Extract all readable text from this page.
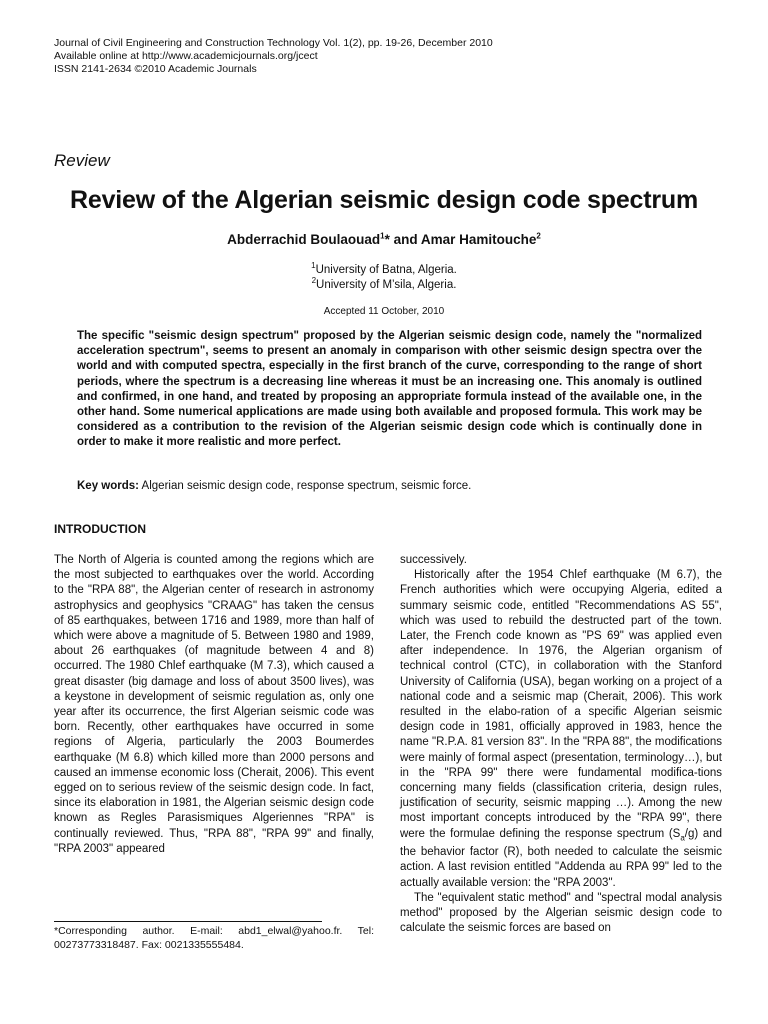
Journal of Civil Engineering and Construction Technology Vol. 1(2), pp. 19-26, December 2010
Available online at http://www.academicjournals.org/jcect
ISSN 2141-2634 ©2010 Academic Journals
Review
Review of the Algerian seismic design code spectrum
Abderrachid Boulaouad$^1$* and Amar Hamitouche$^2$
$^1$University of Batna, Algeria.
$^2$University of M’sila, Algeria.
Accepted 11 October, 2010
The specific "seismic design spectrum" proposed by the Algerian seismic design code, namely the "normalized acceleration spectrum", seems to present an anomaly in comparison with other seismic design spectra over the world and with computed spectra, especially in the first branch of the curve, corresponding to the range of short periods, where the spectrum is a decreasing line whereas it must be an increasing one. This anomaly is outlined and confirmed, in one hand, and treated by proposing an appropriate formula instead of the available one, in the other hand. Some numerical applications are made using both available and proposed formula. This work may be considered as a contribution to the revision of the Algerian seismic design code which is continually done in order to make it more realistic and more perfect.
Key words: Algerian seismic design code, response spectrum, seismic force.
INTRODUCTION

The North of Algeria is counted among the regions which are the most subjected to earthquakes over the world. According to the "RPA 88", the Algerian center of research in astronomy astrophysics and geophysics "CRAAG" has taken the census of 85 earthquakes, between 1716 and 1989, more than half of which were above a magnitude of 5. Between 1980 and 1989, about 26 earthquakes (of magnitude between 4 and 8) occurred. The 1980 Chlef earthquake (M 7.3), which caused a great disaster (big damage and loss of about 3500 lives), was a keystone in development of seismic regulation as, only one year after its occurrence, the first Algerian seismic code was born. Recently, other earthquakes have occurred in some regions of Algeria, particularly the 2003 Boumerdes earthquake (M 6.8) which killed more than 2000 persons and caused an immense economic loss (Cherait, 2006). This event egged on to serious review of the seismic design code. In fact, since its elaboration in 1981, the Algerian seismic design code known as Regles Parasismiques Algeriennes "RPA" is continually reviewed. Thus, "RPA 88", "RPA 99" and finally, "RPA 2003" appeared

successively.

Historically after the 1954 Chlef earthquake (M 6.7), the French authorities which were occupying Algeria, edited a summary seismic code, entitled "Recommendations AS 55", which was used to rebuild the destructed part of the town. Later, the French code known as "PS 69" was applied even after independence. In 1976, the Algerian organism of technical control (CTC), in collaboration with the Stanford University of California (USA), began working on a project of a national code and a seismic map (Cherait, 2006). This work resulted in the elabo-ration of a specific Algerian seismic design code in 1981, officially approved in 1983, hence the name "R.P.A. 81 version 83". In the "RPA 88", the modifications were mainly of formal aspect (presentation, terminology…), but in the "RPA 99" there were fundamental modifica-tions concerning many fields (classification criteria, design rules, justification of security, seismic mapping …). Among the new most important concepts introduced by the "RPA 99", there were the formulae defining the response spectrum $(S_a/g)$ and the behavior factor (R), both needed to calculate the seismic action. A last revision entitled "Addenda au RPA 99" led to the actually available version: the "RPA 2003".

The "equivalent static method" and "spectral modal analysis method" proposed by the Algerian seismic design code to calculate the seismic forces are based on

*Corresponding author. E-mail: abd1_elwal@yahoo.fr. Tel: 00273773318487. Fax: 0021335555484.
